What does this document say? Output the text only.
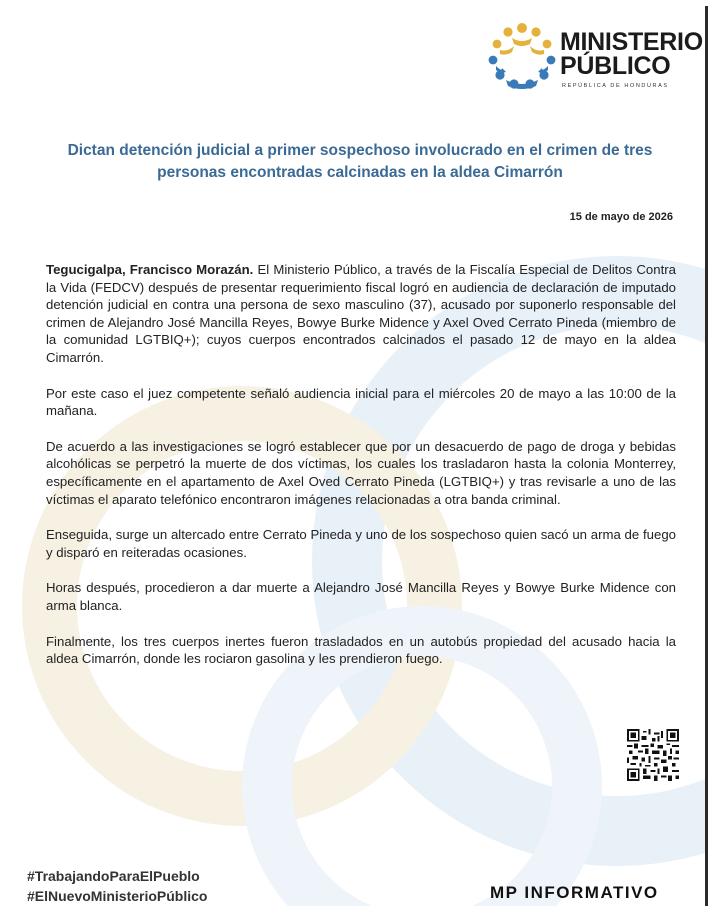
MINISTERIO
PÚBLICO
REPÚBLICA DE HONDURAS
Dictan detención judicial a primer sospechoso involucrado en el crimen de tres
personas encontradas calcinadas en la aldea Cimarrón
15 de mayo de 2026

Tegucigalpa, Francisco Morazán. El Ministerio Público, a través de la Fiscalía Especial de Delitos Contra la Vida (FEDCV) después de presentar requerimiento fiscal logró en audiencia de declaración de imputado detención judicial en contra una persona de sexo masculino (37), acusado por suponerlo responsable del crimen de Alejandro José Mancilla Reyes, Bowye Burke Midence y Axel Oved Cerrato Pineda (miembro de la comunidad LGTBIQ+); cuyos cuerpos encontrados calcinados el pasado 12 de mayo en la aldea Cimarrón.

Por este caso el juez competente señaló audiencia inicial para el miércoles 20 de mayo a las 10:00 de la mañana.

De acuerdo a las investigaciones se logró establecer que por un desacuerdo de pago de droga y bebidas alcohólicas se perpetró la muerte de dos víctimas, los cuales los trasladaron hasta la colonia Monterrey, específicamente en el apartamento de Axel Oved Cerrato Pineda (LGTBIQ+) y tras revisarle a uno de las víctimas el aparato telefónico encontraron imágenes relacionadas a otra banda criminal.

Enseguida, surge un altercado entre Cerrato Pineda y uno de los sospechoso quien sacó un arma de fuego y disparó en reiteradas ocasiones.

Horas después, procedieron a dar muerte a Alejandro José Mancilla Reyes y Bowye Burke Midence con arma blanca.

Finalmente, los tres cuerpos inertes fueron trasladados en un autobús propiedad del acusado hacia la aldea Cimarrón, donde les rociaron gasolina y les prendieron fuego.

#TrabajandoParaElPueblo
#ElNuevoMinisterioPúblico	MP INFORMATIVO
